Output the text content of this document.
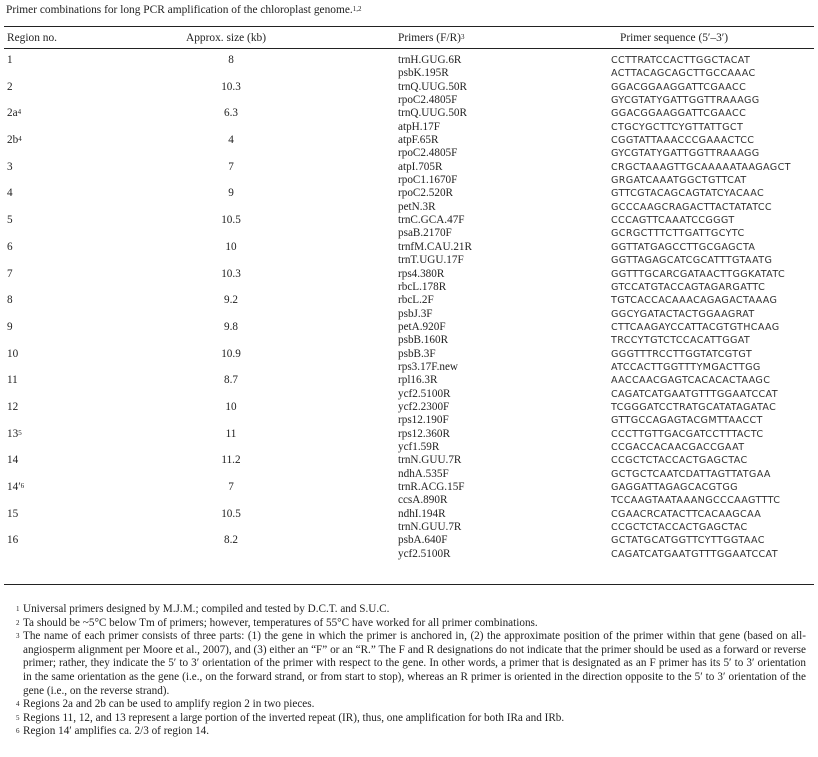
Primer combinations for long PCR amplification of the chloroplast genome.$^{1,2}$
Region no.	Approx. size (kb)	Primers $(F/R)^3$	Primer sequence (5′–3′)
1	8	trnH.GUG.6R	CCTTRATCCACTTGGCTACAT
psbK.195R	ACTTACAGCAGCTTGCCAAAC
2	10.3	trnQ.UUG.50R	GGACGGAAGGATTCGAACC
rpoC2.4805F	GYCGTATYGATTGGTTRAAAGG
$2a^4$	6.3	trnQ.UUG.50R	GGACGGAAGGATTCGAACC
atpH.17F	CTGCYGCTTCYGTTATTGCT
$2b^4$	4	atpF.65R	CGGTATTAAACCCGAAACTCC
rpoC2.4805F	GYCGTATYGATTGGTTRAAAGG
3	7	atpI.705R	CRGCTAAAGTTGCAAAAATAAGAGCT
rpoC1.1670F	GRGATCAAATGGCTGTTCAT
4	9	rpoC2.520R	GTTCGTACAGCAGTATCYACAAC
petN.3R	GCCCAAGCRAGACTTACTATATCC
5	10.5	trnC.GCA.47F	CCCAGTTCAAATCCGGGT
psaB.2170F	GCRGCTTTCTTGATTGCYTC
6	10	trnfM.CAU.21R	GGTTATGAGCCTTGCGAGCTA
trnT.UGU.17F	GGTTAGAGCATCGCATTTGTAATG
7	10.3	rps4.380R	GGTTTGCARCGATAACTTGGKATATC
rbcL.178R	GTCCATGTACCAGTAGARGATTC
8	9.2	rbcL.2F	TGTCACCACAAACAGAGACTAAAG
psbJ.3F	GGCYGATACTACTGGAAGRAT
9	9.8	petA.920F	CTTCAAGAYCCATTACGTGTHCAAG
psbB.160R	TRCCYTGTCTCCACATTGGAT
10	10.9	psbB.3F	GGGTTTRCCTTGGTATCGTGT
rps3.17F.new	ATCCACTTGGTTTYMGACTTGG
11	8.7	rpl16.3R	AACCAACGAGTCACACACTAAGC
ycf2.5100R	CAGATCATGAATGTTTGGAATCCAT
12	10	ycf2.2300F	TCGGGATCCTRATGCATATAGATAC
rps12.190F	GTTGCCAGAGTACGMTTAACCT
$13^5$	11	rps12.360R	CCCTTGTTGACGATCCTTTACTC
ycf1.59R	CCGACCACAACGACCGAAT
14	11.2	trnN.GUU.7R	CCGCTCTACCACTGAGCTAC
ndhA.535F	GCTGCTCAATCDATTAGTTATGAA
$14'^6$	7	trnR.ACG.15F	GAGGATTAGAGCACGTGG
ccsA.890R	TCCAAGTAATAAANGCCCAAGTTTC
15	10.5	ndhI.194R	CGAACRCATACTTCACAAGCAA
trnN.GUU.7R	CCGCTCTACCACTGAGCTAC
16	8.2	psbA.640F	GCTATGCATGGTTCYTTGGTAAC
ycf2.5100R	CAGATCATGAATGTTTGGAATCCAT
1 Universal primers designed by M.J.M.; compiled and tested by D.C.T. and S.U.C.
2 Ta should be ~5°C below Tm of primers; however, temperatures of 55°C have worked for all primer combinations.
3 The name of each primer consists of three parts: (1) the gene in which the primer is anchored in, (2) the approximate position of the primer within that gene (based on all-angiosperm alignment per Moore et al., 2007), and (3) either an “F” or an “R.” The F and R designations do not indicate that the primer should be used as a forward or reverse primer; rather, they indicate the 5′ to 3′ orientation of the primer with respect to the gene. In other words, a primer that is designated as an F primer has its 5′ to 3′ orientation in the same orientation as the gene (i.e., on the forward strand, or from start to stop), whereas an R primer is oriented in the direction opposite to the 5′ to 3′ orientation of the gene (i.e., on the reverse strand).
4 Regions 2a and 2b can be used to amplify region 2 in two pieces.
5 Regions 11, 12, and 13 represent a large portion of the inverted repeat (IR), thus, one amplification for both IRa and IRb.
6 Region 14′ amplifies ca. 2/3 of region 14.
